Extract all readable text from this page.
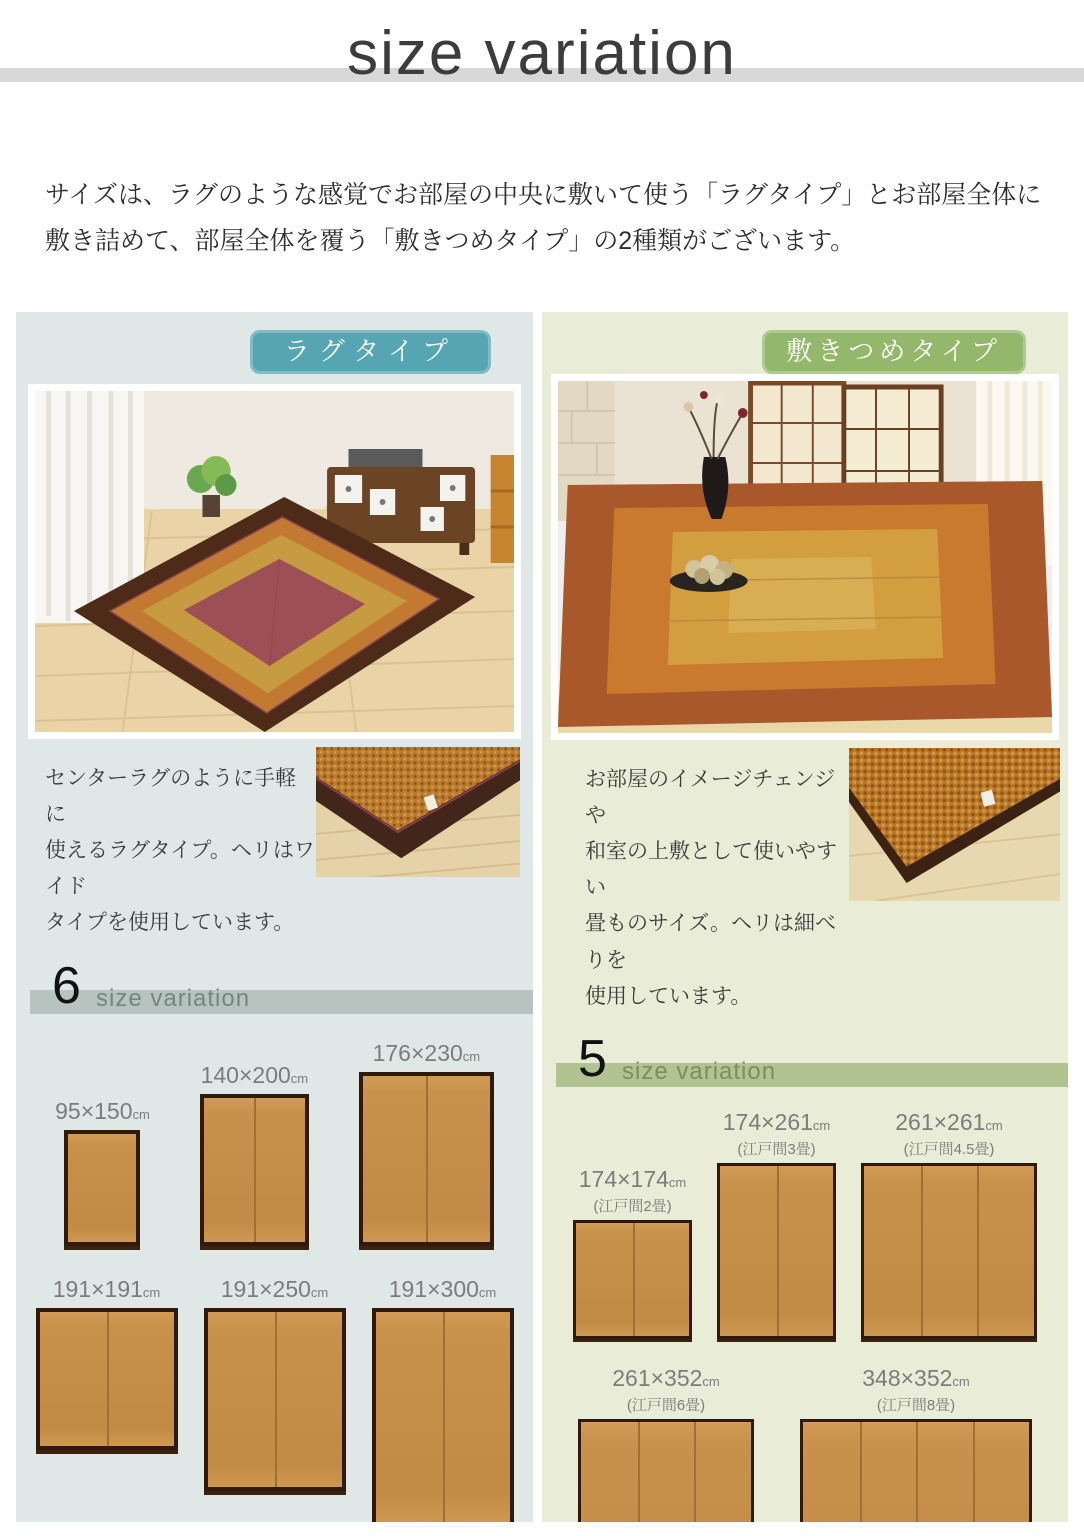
size variation
サイズは、ラグのような感覚でお部屋の中央に敷いて使う「ラグタイプ」とお部屋全体に
敷き詰めて、部屋全体を覆う「敷きつめタイプ」の2種類がございます。
ラグタイプ
センターラグのように手軽に
使えるラグタイプ。ヘリはワイド
タイプを使用しています。
6 size variation
95×150cm
140×200cm
176×230cm
191×191cm	191×250cm	191×300cm
敷きつめタイプ
お部屋のイメージチェンジや
和室の上敷として使いやすい
畳ものサイズ。ヘリは細べりを
使用しています。
5 size variation
174×174cm
(江戸間2畳)
174×261cm
(江戸間3畳)
261×261cm
(江戸間4.5畳)
261×352cm
(江戸間6畳)
348×352cm
(江戸間8畳)
